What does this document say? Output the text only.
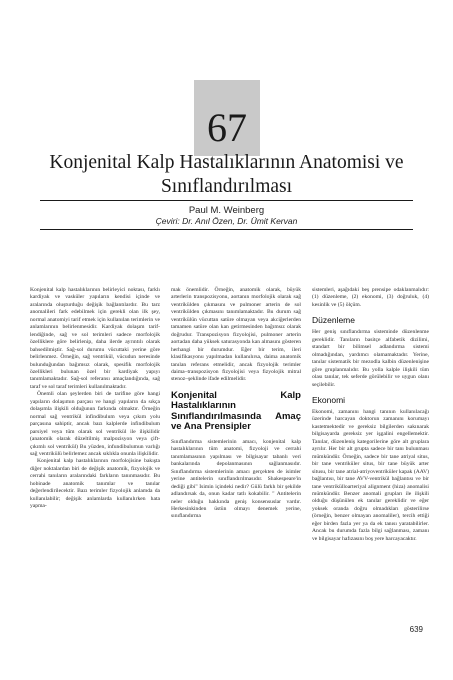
67
Konjenital Kalp Hastalıklarının Anatomisi ve
Sınıflandırılması
Paul M. Weinberg
Çeviri: Dr. Anıl Özen, Dr. Ümit Kervan

Konjenital kalp hastalıklarının belirleyici noktası, farklı kardiyak ve vasküler yapıların kendisi içinde ve aralarında oluşturduğu değişik bağlantılardır. Bu tarz anomalileri fark edebilmek için gerekli olan ilk şey, normal anatomiyi tarif etmek için kullanılan terimlerin ve anlamlarının belirlenmesidir. Kardiyak dolaşım tariflendiğinde, sağ ve sol terimleri sadece morfolojik özelliklere göre belirlenip, daha ilerde ayrıntılı olarak bahsedilmiştir. Sağ-sol durumu vücuttaki yerine göre belirlenmez. Örneğin, sağ ventrikül, vücudun neresinde bulunduğundan bağımsız olarak, spesifik morfolojik özellikleri bulunan özel bir kardiyak yapıyı tanımlamaktadır. Sağ-sol referansı amaçlandığında, sağ taraf ve sol taraf terimleri kullanılmaktadır.

Önemli olan şeylerden biri de tarifine göre hangi yapıların dolaşımın parçası ve hangi yapıların da sıkça dolaşımla ilişkili olduğunun farkında olmaktır. Örneğin normal sağ ventrikül infindibulum veya çıkım yolu parçasına sahiptir, ancak bazı kalplerde infindibulum parsiyel veya tüm olarak sol ventrikül ile ilişkilidir (anatomik olarak düzeltilmiş malpozisyon veya çift-çıkımlı sol ventrikül) Bu yüzden, infundibulumun varlığı sağ ventrikülü belirlemez ancak sıklıkla onunla ilişkilidir.

Konjenital kalp hastalıklarının morfolojisine bakışta diğer noktalardan biri de değişik anatomik, fizyolojik ve cerrahi tanıların aralarındaki farkların tanınmasıdır. Bu hobinade anatomik tanımlar ve tanılar değerlendirilecektir. Bazı terimler fizyolojik anlamda da kullanılabilir; değişik anlamlarda kullanılırken hata yapma-

mak önemlidir. Örneğin, anatomik olarak, büyük arterlerin transpozisyonu, aortanın morfolojik olarak sağ ventrikülden çıkmasını ve pulmoner arterin de sol ventrikülden çıkmasını tanımlamaktadır. Bu durum sağ ventrikülün vücuttan satüre olmayan veya akciğerlerden tamamen satüre olan kan getirmesinden bağımsız olarak doğrudur. Transpozisyon fizyolojisi, pulmoner arterin aortadan daha yüksek saturasyonda kan almasını gösteren herhangi bir durumdur. Eğer bir terim, ileri klasifikasyonu yapılmadan kullanılırsa, daima anatomik tanılan referans etmelidir, ancak fizyolojik terimler daima–transpozisyon fizyolojisi veya fizyolojik mitral stenoz–şeklinde ifade edilmelidir.

Konjenital Kalp Hastalıklarının Sınıflandırılmasında Amaç ve Ana Prensipler

Sınıflandırma sistemlerinin amacı, konjenital kalp hastalıklarının tüm anatomi, fizyoloji ve cerrahi tanımlamasının yapılması ve bilgisayar tabanlı veri bankalarında depolanmasının sağlanmasıdır. Sınıflandırma sistemlerinin amacı gerçekten de isimler yerine antitelerin sınıflandırılmasıdır. Shakespeare'in dediği gibi" Isimin içindeki nedir? Gülü farklı bir şekilde adlandırsak da, onun kadar tatlı kokabilir. " Antitelerin neler olduğu hakkında geniş konsensuslar vardır. Herkesinkinden üstün olmayı denemek yerine, sınıflandırma

sistemleri, aşağıdaki beş prensipe odaklanmalıdır: (1) düzenleme, (2) ekonomi, (3) doğruluk, (4) kesinlik ve (5) ölçüm.

Düzenleme

Her geniş sınıflandırma sisteminde düzenlenme gereklidir. Tanıların basitçe alfabetik dizilimi, standart bir bilimsel adlandırma sistemi olmadığından, yardımcı olamamaktadır. Yerine, tanılar sistematik bir mezodla kalbin düzenlenişine göre gruplanmalıdır. Bu yolla kalple ilişkili tüm olası tanılar, tek seferde görülebilir ve uygun olanı seçilebilir.

Ekonomi

Ekonomi, zamanını hangi tanının kullanılacağı üzerinde harcayan doktorun zamanını korumayı kastetmektedir ve gereksiz bilgilerden sakınarak bilgisayarda gereksiz yer işgalini engellemektir. Tanılar, düzenleniş kategorilerine göre alt gruplara ayrılır. Her bir alt grupta sadece bir tanı bulunması mümkündür. Örneğin, sadece bir tane atriyal situs, bir tane ventriküler situs, bir tane büyük arter situsu, bir tane atrial-atriyoventriküler kapak (AAV) bağlantısı, bir tane AVV-ventrikül bağlantısı ve bir tane ventrikülloarteriyal alignment (hiza) anomalisi mümkündür. Benzer anomali grupları ile ilişkili olduğu düşünülen ek tanılar gereklidir ve eğer yoksek oranda doğru olmadıkları gösterilirse (örneğin, benzer olmayan anomaliler), tercih ettiği eğer birden fazla yer ya da ek tanısı yaratabilirler. Ancak bu durumda fazla bilgi sağlanması, zamanı ve bilgisayar hafızasını boş yere harcayacaktır.

639
